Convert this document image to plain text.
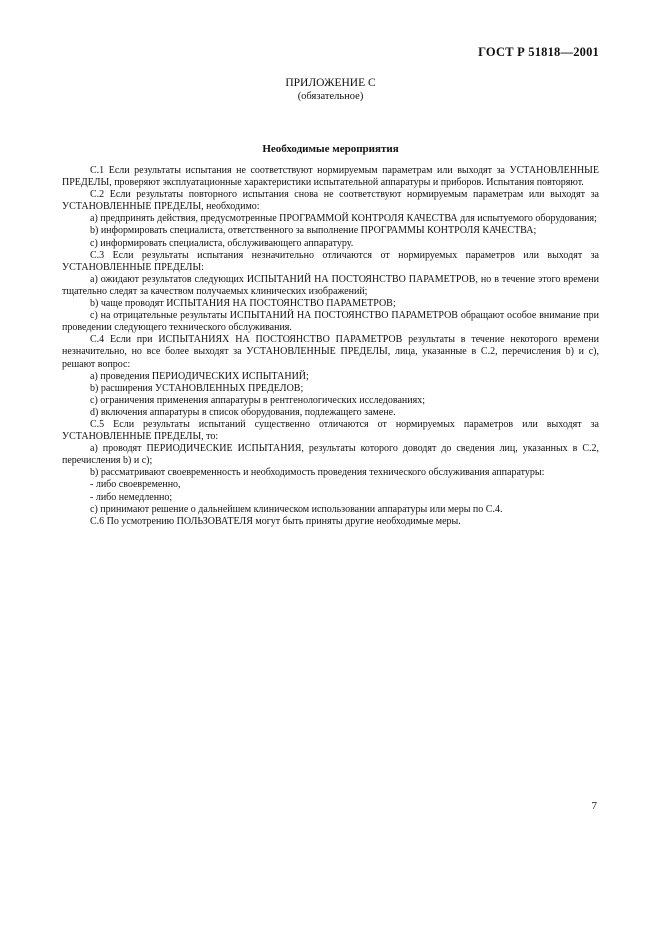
ГОСТ Р 51818—2001
ПРИЛОЖЕНИЕ С
(обязательное)
Необходимые мероприятия

С.1 Если результаты испытания не соответствуют нормируемым параметрам или выходят за УСТАНОВЛЕННЫЕ ПРЕДЕЛЫ, проверяют эксплуатационные характеристики испытательной аппаратуры и приборов. Испытания повторяют.

С.2 Если результаты повторного испытания снова не соответствуют нормируемым параметрам или выходят за УСТАНОВЛЕННЫЕ ПРЕДЕЛЫ, необходимо:

a) предпринять действия, предусмотренные ПРОГРАММОЙ КОНТРОЛЯ КАЧЕСТВА для испытуемого оборудования;

b) информировать специалиста, ответственного за выполнение ПРОГРАММЫ КОНТРОЛЯ КАЧЕСТВА;

c) информировать специалиста, обслуживающего аппаратуру.

С.3 Если результаты испытания незначительно отличаются от нормируемых параметров или выходят за УСТАНОВЛЕННЫЕ ПРЕДЕЛЫ:

a) ожидают результатов следующих ИСПЫТАНИЙ НА ПОСТОЯНСТВО ПАРАМЕТРОВ, но в течение этого времени тщательно следят за качеством получаемых клинических изображений;

b) чаще проводят ИСПЫТАНИЯ НА ПОСТОЯНСТВО ПАРАМЕТРОВ;

c) на отрицательные результаты ИСПЫТАНИЙ НА ПОСТОЯНСТВО ПАРАМЕТРОВ обращают особое внимание при проведении следующего технического обслуживания.

С.4 Если при ИСПЫТАНИЯХ НА ПОСТОЯНСТВО ПАРАМЕТРОВ результаты в течение некоторого времени незначительно, но все более выходят за УСТАНОВЛЕННЫЕ ПРЕДЕЛЫ, лица, указанные в С.2, перечисления b) и c), решают вопрос:

a) проведения ПЕРИОДИЧЕСКИХ ИСПЫТАНИЙ;

b) расширения УСТАНОВЛЕННЫХ ПРЕДЕЛОВ;

c) ограничения применения аппаратуры в рентгенологических исследованиях;

d) включения аппаратуры в список оборудования, подлежащего замене.

С.5 Если результаты испытаний существенно отличаются от нормируемых параметров или выходят за УСТАНОВЛЕННЫЕ ПРЕДЕЛЫ, то:

a) проводят ПЕРИОДИЧЕСКИЕ ИСПЫТАНИЯ, результаты которого доводят до сведения лиц, указанных в С.2, перечисления b) и c);

b) рассматривают своевременность и необходимость проведения технического обслуживания аппаратуры:

- либо своевременно,

- либо немедленно;

c) принимают решение о дальнейшем клиническом использовании аппаратуры или меры по С.4.

С.6 По усмотрению ПОЛЬЗОВАТЕЛЯ могут быть приняты другие необходимые меры.

7
